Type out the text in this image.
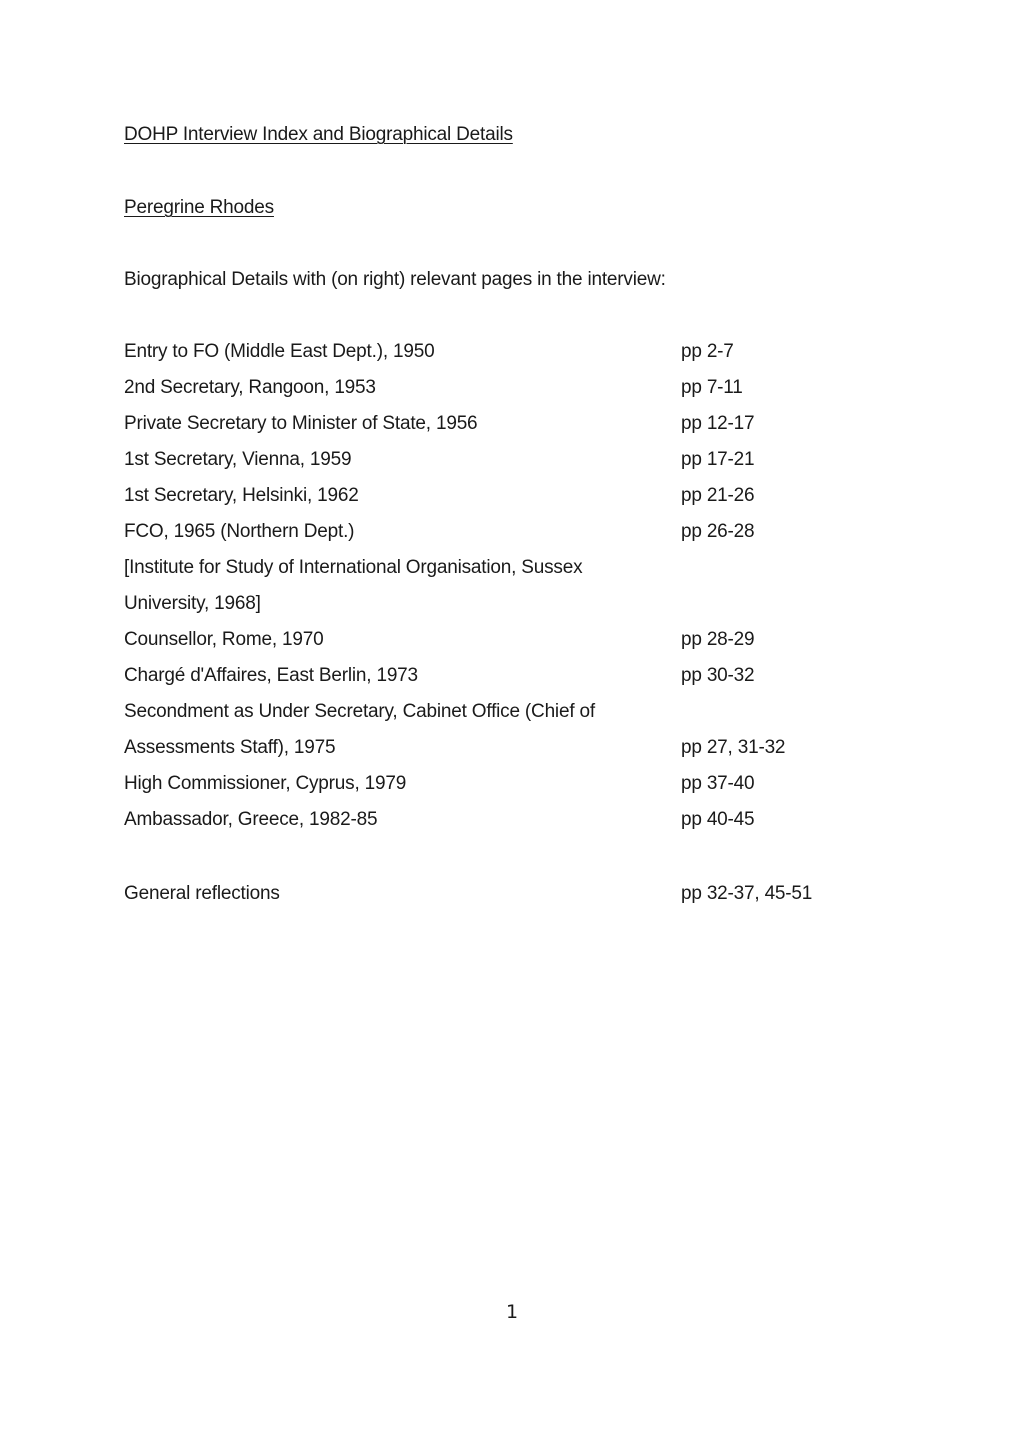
DOHP Interview Index and Biographical Details
Peregrine Rhodes
Biographical Details with (on right) relevant pages in the interview:
Entry to FO (Middle East Dept.), 1950	pp 2-7
2nd Secretary, Rangoon, 1953	pp 7-11
Private Secretary to Minister of State, 1956	pp 12-17
1st Secretary, Vienna, 1959	pp 17-21
1st Secretary, Helsinki, 1962	pp 21-26
FCO, 1965 (Northern Dept.)	pp 26-28
[Institute for Study of International Organisation, Sussex
University, 1968]
Counsellor, Rome, 1970	pp 28-29
Chargé d'Affaires, East Berlin, 1973	pp 30-32
Secondment as Under Secretary, Cabinet Office (Chief of
Assessments Staff), 1975	pp 27, 31-32
High Commissioner, Cyprus, 1979	pp 37-40
Ambassador, Greece, 1982-85	pp 40-45
General reflections	pp 32-37, 45-51
1
